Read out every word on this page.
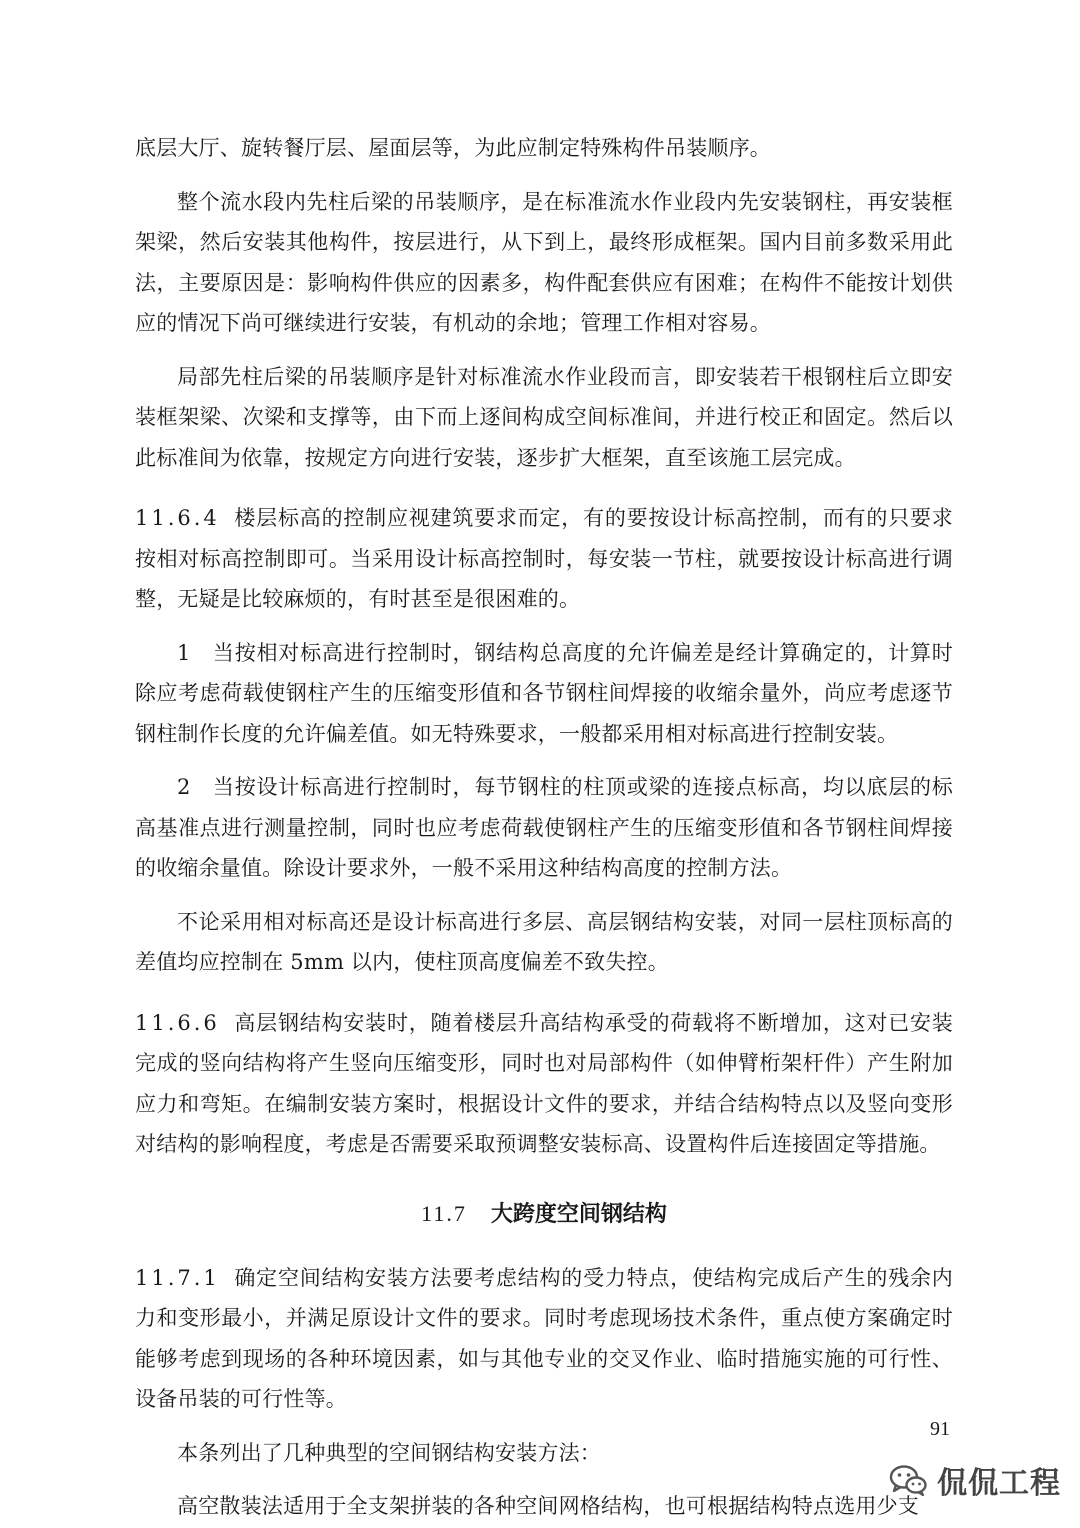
底层大厅、旋转餐厅层、屋面层等，为此应制定特殊构件吊装顺序。

整个流水段内先柱后梁的吊装顺序，是在标准流水作业段内先安装钢柱，再安装框架梁，然后安装其他构件，按层进行，从下到上，最终形成框架。国内目前多数采用此法，主要原因是：影响构件供应的因素多，构件配套供应有困难；在构件不能按计划供应的情况下尚可继续进行安装，有机动的余地；管理工作相对容易。

局部先柱后梁的吊装顺序是针对标准流水作业段而言，即安装若干根钢柱后立即安装框架梁、次梁和支撑等，由下而上逐间构成空间标准间，并进行校正和固定。然后以此标准间为依靠，按规定方向进行安装，逐步扩大框架，直至该施工层完成。

11.6.4 楼层标高的控制应视建筑要求而定，有的要按设计标高控制，而有的只要求按相对标高控制即可。当采用设计标高控制时，每安装一节柱，就要按设计标高进行调整，无疑是比较麻烦的，有时甚至是很困难的。

1　当按相对标高进行控制时，钢结构总高度的允许偏差是经计算确定的，计算时除应考虑荷载使钢柱产生的压缩变形值和各节钢柱间焊接的收缩余量外，尚应考虑逐节钢柱制作长度的允许偏差值。如无特殊要求，一般都采用相对标高进行控制安装。

2　当按设计标高进行控制时，每节钢柱的柱顶或梁的连接点标高，均以底层的标高基准点进行测量控制，同时也应考虑荷载使钢柱产生的压缩变形值和各节钢柱间焊接的收缩余量值。除设计要求外，一般不采用这种结构高度的控制方法。

不论采用相对标高还是设计标高进行多层、高层钢结构安装，对同一层柱顶标高的差值均应控制在 5mm 以内，使柱顶高度偏差不致失控。

11.6.6 高层钢结构安装时，随着楼层升高结构承受的荷载将不断增加，这对已安装完成的竖向结构将产生竖向压缩变形，同时也对局部构件（如伸臂桁架杆件）产生附加应力和弯矩。在编制安装方案时，根据设计文件的要求，并结合结构特点以及竖向变形对结构的影响程度，考虑是否需要采取预调整安装标高、设置构件后连接固定等措施。

11.7 大跨度空间钢结构

11.7.1 确定空间结构安装方法要考虑结构的受力特点，使结构完成后产生的残余内力和变形最小，并满足原设计文件的要求。同时考虑现场技术条件，重点使方案确定时能够考虑到现场的各种环境因素，如与其他专业的交叉作业、临时措施实施的可行性、设备吊装的可行性等。

本条列出了几种典型的空间钢结构安装方法：

高空散装法适用于全支架拼装的各种空间网格结构，也可根据结构特点选用少支

91
侃侃工程
